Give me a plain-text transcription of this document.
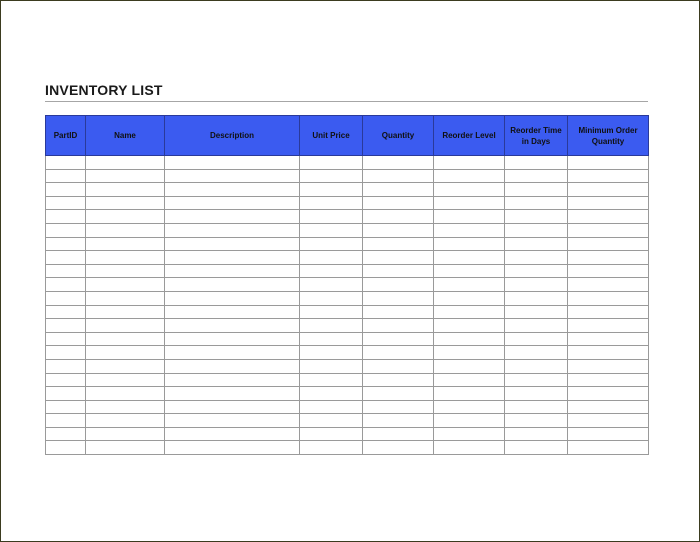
INVENTORY LIST
PartID	Name	Description	Unit Price	Quantity	Reorder Level	Reorder Time in Days	Minimum Order Quantity
